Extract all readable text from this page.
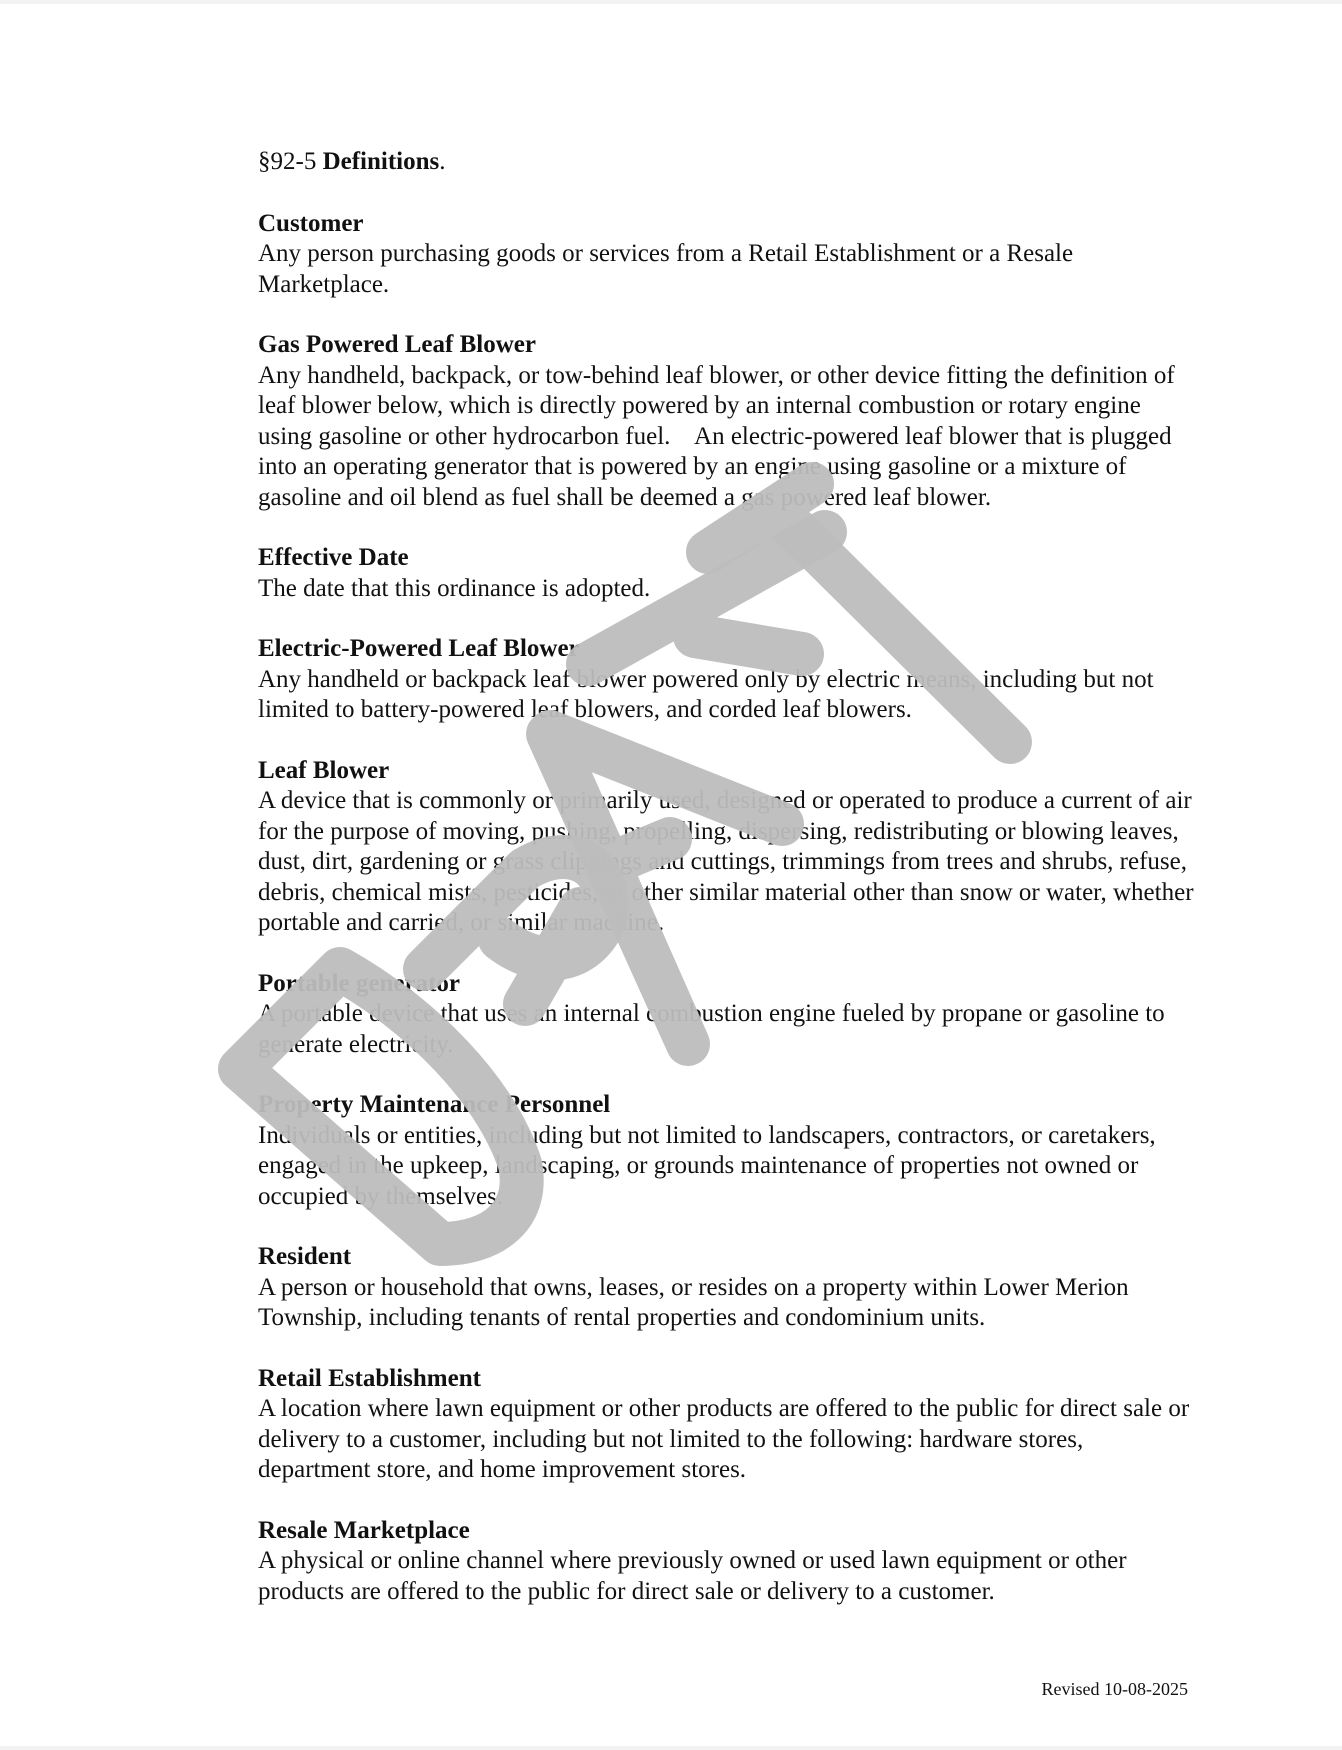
§92-5 Definitions.

Customer
Any person purchasing goods or services from a Retail Establishment or a Resale Marketplace.
Gas Powered Leaf Blower
Any handheld, backpack, or tow-behind leaf blower, or other device fitting the definition of leaf blower below, which is directly powered by an internal combustion or rotary engine using gasoline or other hydrocarbon fuel.    An electric-powered leaf blower that is plugged into an operating generator that is powered by an engine using gasoline or a mixture of gasoline and oil blend as fuel shall be deemed a gas powered leaf blower.
Effective Date
The date that this ordinance is adopted.
Electric-Powered Leaf Blower
Any handheld or backpack leaf blower powered only by electric means, including but not limited to battery-powered leaf blowers, and corded leaf blowers.
Leaf Blower
A device that is commonly or primarily used, designed or operated to produce a current of air for the purpose of moving, pushing, propelling, dispersing, redistributing or blowing leaves, dust, dirt, gardening or grass clippings and cuttings, trimmings from trees and shrubs, refuse, debris, chemical mists, pesticides, or other similar material other than snow or water, whether portable and carried, or similar machine.
Portable generator
A portable device that uses an internal combustion engine fueled by propane or gasoline to generate electricity.
Property Maintenance Personnel
Individuals or entities, including but not limited to landscapers, contractors, or caretakers, engaged in the upkeep, landscaping, or grounds maintenance of properties not owned or occupied by themselves.
Resident
A person or household that owns, leases, or resides on a property within Lower Merion Township, including tenants of rental properties and condominium units.
Retail Establishment
A location where lawn equipment or other products are offered to the public for direct sale or delivery to a customer, including but not limited to the following: hardware stores, department store, and home improvement stores.
Resale Marketplace
A physical or online channel where previously owned or used lawn equipment or other products are offered to the public for direct sale or delivery to a customer.
Revised 10-08-2025
